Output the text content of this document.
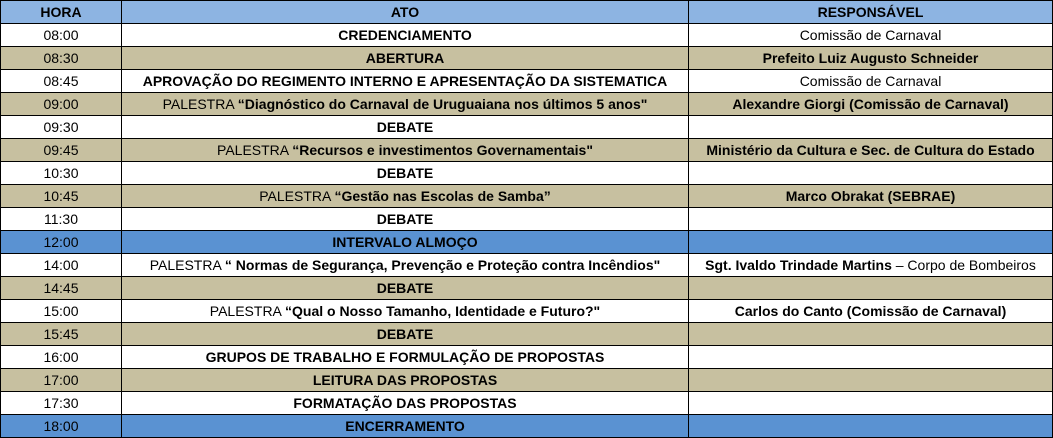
HORA	ATO	RESPONSÁVEL
08:00	CREDENCIAMENTO	Comissão de Carnaval
08:30	ABERTURA	Prefeito Luiz Augusto Schneider
08:45	APROVAÇÃO DO REGIMENTO INTERNO E APRESENTAÇÃO DA SISTEMATICA	Comissão de Carnaval
09:00	PALESTRA “Diagnóstico do Carnaval de Uruguaiana nos últimos 5 anos"	Alexandre Giorgi (Comissão de Carnaval)
09:30	DEBATE	
09:45	PALESTRA “Recursos e investimentos Governamentais"	Ministério da Cultura e Sec. de Cultura do Estado
10:30	DEBATE	
10:45	PALESTRA “Gestão nas Escolas de Samba”	Marco Obrakat (SEBRAE)
11:30	DEBATE	
12:00	INTERVALO ALMOÇO	
14:00	PALESTRA “ Normas de Segurança, Prevenção e Proteção contra Incêndios"	Sgt. Ivaldo Trindade Martins – Corpo de Bombeiros
14:45	DEBATE	
15:00	PALESTRA “Qual o Nosso Tamanho, Identidade e Futuro?"	Carlos do Canto (Comissão de Carnaval)
15:45	DEBATE	
16:00	GRUPOS DE TRABALHO E FORMULAÇÃO DE PROPOSTAS	
17:00	LEITURA DAS PROPOSTAS	
17:30	FORMATAÇÃO DAS PROPOSTAS	
18:00	ENCERRAMENTO	
